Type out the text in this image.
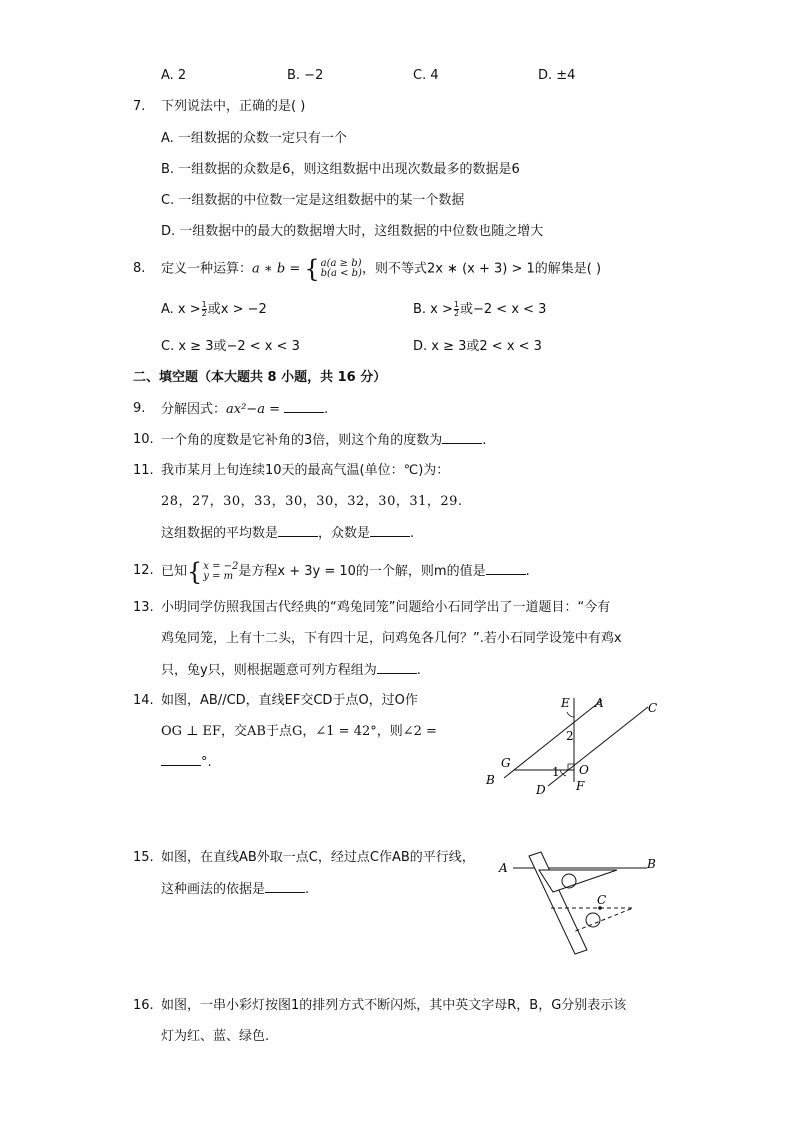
A. 2	B. −2	C. 4	D. ±4
7. 下列说法中，正确的是( )
A. 一组数据的众数一定只有一个
B. 一组数据的众数是6，则这组数据中出现次数最多的数据是6
C. 一组数据的中位数一定是这组数据中的某一个数据
D. 一组数据中的最大的数据增大时，这组数据的中位数也随之增大
8. 定义一种运算：a ∗ b = { a(a ≥ b)
b(a < b) ，则不等式2x ∗ (x + 3) > 1的解集是( )
A. $x > \frac{1}{2}$ 或x > −2	B. $x > \frac{1}{2}$ 或−2 < x < 3
C. x ≥ 3或−2 < x < 3	D. x ≥ 3或2 < x < 3
二、填空题（本大题共 8 小题，共 16 分）
9. 分解因式：ax²−a =	.
10. 一个角的度数是它补角的3倍，则这个角的度数为	.
11. 我市某月上旬连续10天的最高气温(单位：℃)为：
28，27，30，33，30，30，32，30，31，29.
这组数据的平均数是	，众数是	.
12. 已知 { x = −2
y = m 是方程x + 3y = 10的一个解，则m的值是	.
13. 小明同学仿照我国古代经典的“鸡兔同笼”问题给小石同学出了一道题目：“今有
鸡兔同笼，上有十二头，下有四十足，问鸡兔各几何？”.若小石同学设笼中有鸡x
只，兔y只，则根据题意可列方程组为	.
14. 如图，AB//CD，直线EF交CD于点O，过O作
OG ⊥ EF，交AB于点G，∠1 = 42°，则∠2 =
°.
E A	C
2
G	O
1
B
D	F
15. 如图，在直线AB外取一点C，经过点C作AB的平行线，
这种画法的依据是	.
A	B
C
16. 如图，一串小彩灯按图1的排列方式不断闪烁，其中英文字母R，B，G分别表示该
灯为红、蓝、绿色.
